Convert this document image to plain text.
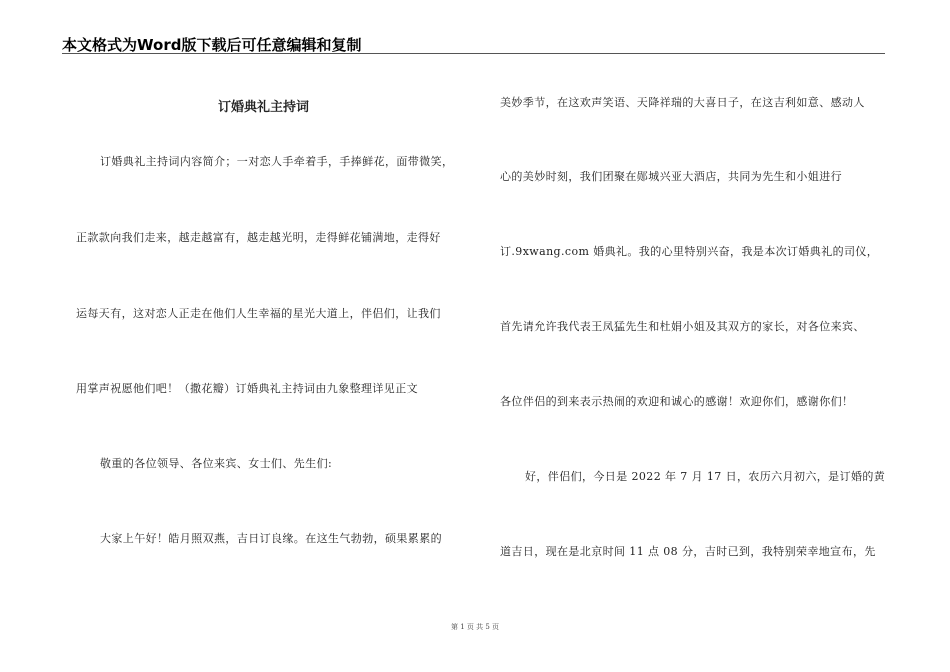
本文格式为Word版下载后可任意编辑和复制
订婚典礼主持词
订婚典礼主持词内容简介；一对恋人手牵着手，手捧鲜花，面带微笑，
正款款向我们走来，越走越富有，越走越光明，走得鲜花铺满地，走得好
运每天有，这对恋人正走在他们人生幸福的星光大道上，伴侣们，让我们
用掌声祝愿他们吧！（撒花瓣）订婚典礼主持词由九象整理详见正文
敬重的各位领导、各位来宾、女士们、先生们:
大家上午好！皓月照双燕，吉日订良缘。在这生气勃勃，硕果累累的
美妙季节，在这欢声笑语、天降祥瑞的大喜日子，在这吉利如意、感动人
心的美妙时刻，我们团聚在郧城兴亚大酒店，共同为先生和小姐进行
订.9xwang.com 婚典礼。我的心里特别兴奋，我是本次订婚典礼的司仪，
首先请允许我代表王凤猛先生和杜娟小姐及其双方的家长，对各位来宾、
各位伴侣的到来表示热闹的欢迎和诚心的感谢！欢迎你们，感谢你们！
好，伴侣们，今日是 2022 年 7 月 17 日，农历六月初六，是订婚的黄
道吉日，现在是北京时间 11 点 08 分，吉时已到，我特别荣幸地宣布，先
第 1 页 共 5 页
